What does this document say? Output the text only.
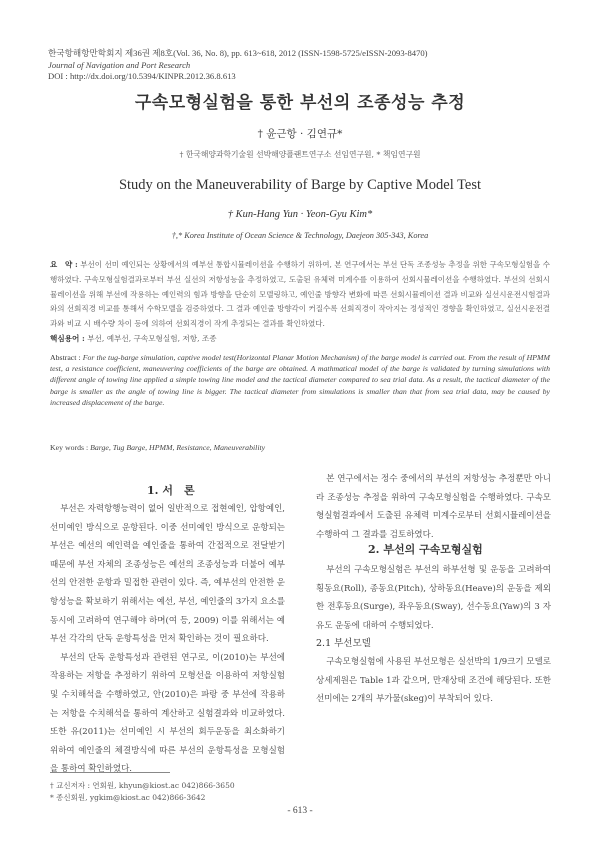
한국항해항만학회지 제36권 제8호(Vol. 36, No. 8), pp. 613~618, 2012 (ISSN-1598-5725/eISSN-2093-8470)
Journal of Navigation and Port Research
DOI : http://dx.doi.org/10.5394/KINPR.2012.36.8.613
구속모형실험을 통한 부선의 조종성능 추정
† 윤근항 · 김연규*
† 한국해양과학기술원 선박해양플랜트연구소 선임연구원, * 책임연구원
Study on the Maneuverability of Barge by Captive Model Test
† Kun-Hang Yun · Yeon-Gyu Kim*
†,* Korea Institute of Ocean Science & Technology, Daejeon 305-343, Korea
요　약 : 부선이 선미 예인되는 상황에서의 예부선 통합시뮬레이션을 수행하기 위하여, 본 연구에서는 부선 단독 조종성능 추정을 위한 구속모형실험을 수행하였다. 구속모형실험결과로부터 부선 실선의 저항성능을 추정하였고, 도출된 유체력 미계수를 이용하여 선회시뮬레이션을 수행하였다. 부선의 선회시뮬레이션을 위해 부선에 작용하는 예인력의 힘과 방향을 단순히 모델링하고, 예인줄 방향각 변화에 따른 선회시뮬레이션 결과 비교와 실선시운전시험결과와의 선회직경 비교를 통해서 수학모델을 검증하였다. 그 결과 예인줄 방향각이 커질수록 선회직경이 작아지는 정성적인 경향을 확인하였고, 실선시운전결과와 비교 시 배수량 차이 등에 의하여 선회직경이 작게 추정되는 결과를 확인하였다.
핵심용어 : 부선, 예부선, 구속모형실험, 저항, 조종
Abstract : For the tug-barge simulation, captive model test(Horizontal Planar Motion Mechanism) of the barge model is carried out. From the result of HPMM test, a resistance coefficient, maneuvering coefficients of the barge are obtained. A mathmatical model of the barge is validated by turning simulations with different angle of towing line applied a simple towing line model and the tactical diameter compared to sea trial data. As a result, the tactical diameter of the barge is smaller as the angle of towing line is bigger. The tactical diameter from simulations is smaller than that from sea trial data, may be caused by increased displacement of the barge.
Key words : Barge, Tug Barge, HPMM, Resistance, Maneuverability
1. 서　론

부선은 자력항행능력이 없어 일반적으로 접현예인, 압항예인, 선미예인 방식으로 운항된다. 이중 선미예인 방식으로 운항되는 부선은 예선의 예인력을 예인줄을 통하여 간접적으로 전달받기 때문에 부선 자체의 조종성능은 예선의 조종성능과 더불어 예부선의 안전한 운항과 밀접한 관련이 있다. 즉, 예부선의 안전한 운항성능을 확보하기 위해서는 예선, 부선, 예인줄의 3가지 요소를 동시에 고려하여 연구해야 하며(여 등, 2009) 이를 위해서는 예부선 각각의 단독 운항특성을 먼저 확인하는 것이 필요하다.

부선의 단독 운항특성과 관련된 연구로, 이(2010)는 부선에 작용하는 저항을 추정하기 위하여 모형선을 이용하여 저항실험 및 수치해석을 수행하였고, 안(2010)은 파랑 중 부선에 작용하는 저항을 수치해석을 통하여 계산하고 실험결과와 비교하였다. 또한 유(2011)는 선미예인 시 부선의 회두운동을 최소화하기 위하여 예인줄의 체결방식에 따른 부선의 운항특성을 모형실험을 통하여 확인하였다.

본 연구에서는 정수 중에서의 부선의 저항성능 추정뿐만 아니라 조종성능 추정을 위하여 구속모형실험을 수행하였다. 구속모형실험결과에서 도출된 유체력 미계수로부터 선회시뮬레이션을 수행하여 그 결과를 검토하였다.

2. 부선의 구속모형실험

부선의 구속모형실험은 부선의 하부선형 및 운동을 고려하여 횡동요(Roll), 종동요(Pitch), 상하동요(Heave)의 운동을 제외한 전후동요(Surge), 좌우동요(Sway), 선수동요(Yaw)의 3 자유도 운동에 대하여 수행되었다.

2.1 부선모델

구속모형실험에 사용된 부선모형은 실선박의 1/9크기 모델로 상세제원은 Table 1과 같으며, 만재상태 조건에 해당된다. 또한 선미에는 2개의 부가물(skeg)이 부착되어 있다.

† 교신저자 : 연회원, khyun@kiost.ac 042)866-3650
* 종신회원, ygkim@kiost.ac 042)866-3642
- 613 -
